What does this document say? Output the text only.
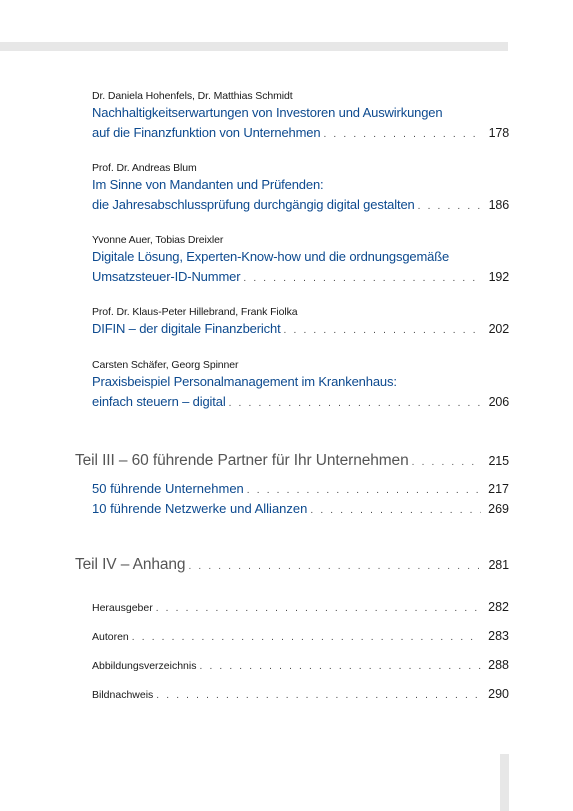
Dr. Daniela Hohenfels, Dr. Matthias Schmidt
Nachhaltigkeitserwartungen von Investoren und Auswirkungen
auf die Finanzfunktion von Unternehmen . . .	178
Prof. Dr. Andreas Blum
Im Sinne von Mandanten und Prüfenden:
die Jahresabschlussprüfung durchgängig digital gestalten . . .	186
Yvonne Auer, Tobias Dreixler
Digitale Lösung, Experten-Know-how und die ordnungsgemäße
Umsatzsteuer-ID-Nummer . . .	192
Prof. Dr. Klaus-Peter Hillebrand, Frank Fiolka
DIFIN – der digitale Finanzbericht . . .	202
Carsten Schäfer, Georg Spinner
Praxisbeispiel Personalmanagement im Krankenhaus:
einfach steuern – digital . . .	206
Teil III – 60 führende Partner für Ihr Unternehmen . . .	215
50 führende Unternehmen . . .	217
10 führende Netzwerke und Allianzen . . .	269
Teil IV – Anhang . . .	281
Herausgeber . . .	282
Autoren . . .	283
Abbildungsverzeichnis . . .	288
Bildnachweis . . .	290
